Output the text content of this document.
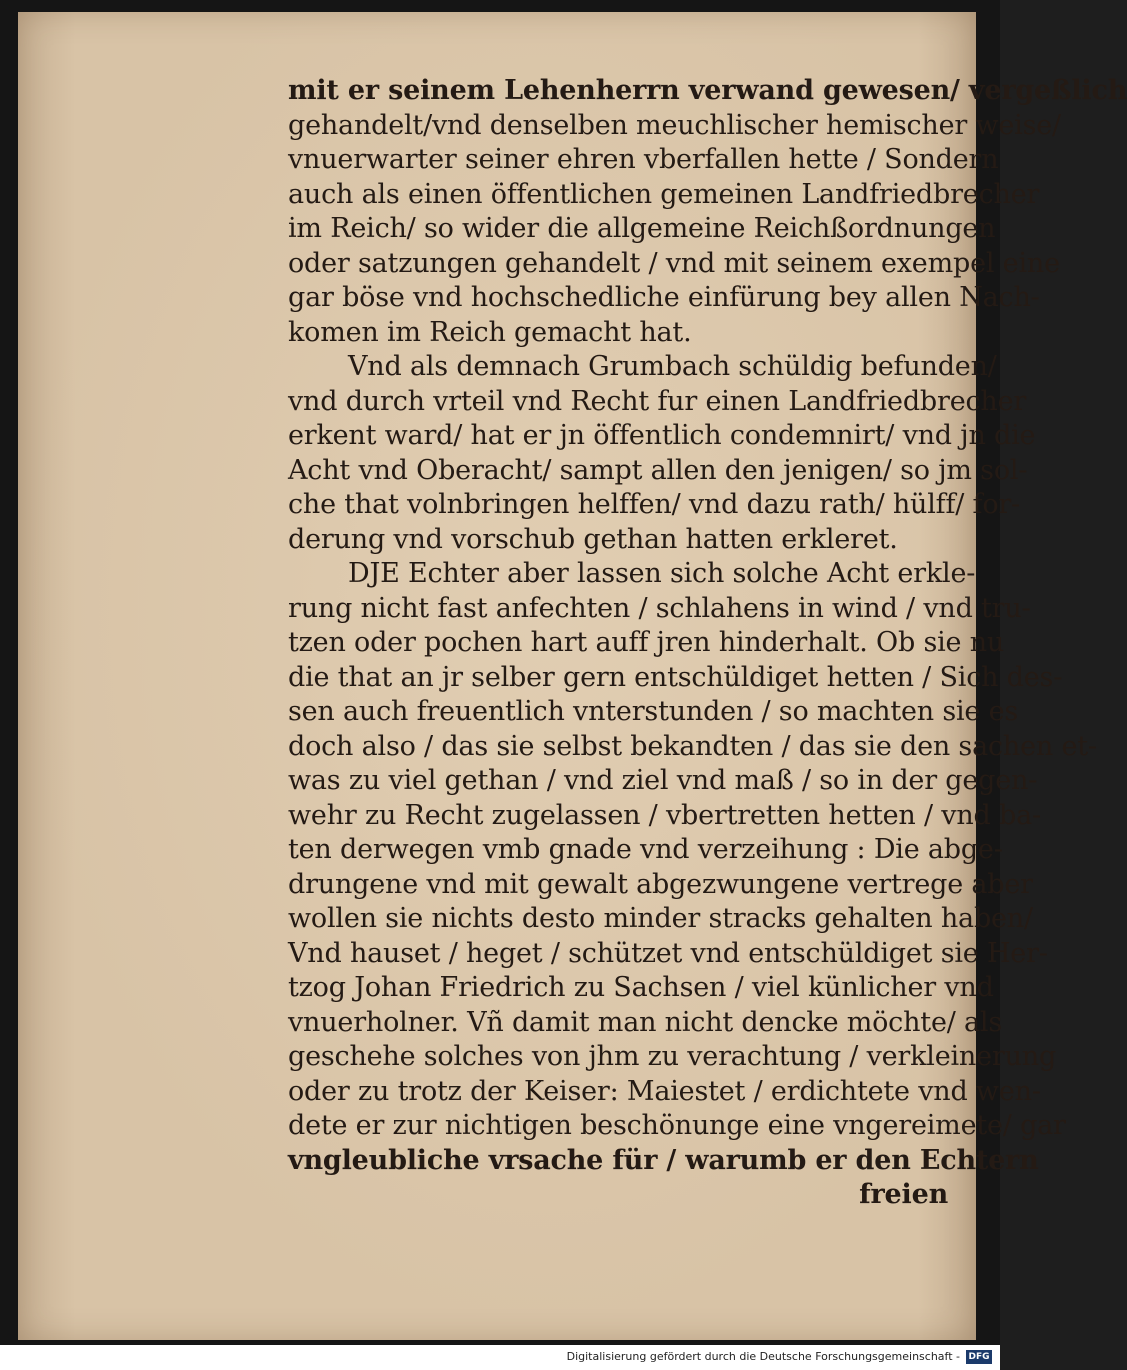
mit er seinem Lehenherrn verwand gewesen/ vergeßlich
gehandelt/vnd denselben meuchlischer hemischer weise/
vnuerwarter seiner ehren vberfallen hette / Sondern
auch als einen öffentlichen gemeinen Landfriedbrecher
im Reich/ so wider die allgemeine Reichßordnungen
oder satzungen gehandelt / vnd mit seinem exempel eine
gar böse vnd hochschedliche einfürung bey allen Nach-
komen im Reich gemacht hat.
Vnd als demnach Grumbach schüldig befunden/
vnd durch vrteil vnd Recht fur einen Landfriedbrecher
erkent ward/ hat er jn öffentlich condemnirt/ vnd jn die
Acht vnd Oberacht/ sampt allen den jenigen/ so jm sol-
che that volnbringen helffen/ vnd dazu rath/ hülff/ for-
derung vnd vorschub gethan hatten erkleret.
DJE Echter aber lassen sich solche Acht erkle-
rung nicht fast anfechten / schlahens in wind / vnd tru-
tzen oder pochen hart auff jren hinderhalt. Ob sie nu
die that an jr selber gern entschüldiget hetten / Sich des-
sen auch freuentlich vnterstunden / so machten sie es
doch also / das sie selbst bekandten / das sie den sachen et-
was zu viel gethan / vnd ziel vnd maß / so in der gegen-
wehr zu Recht zugelassen / vbertretten hetten / vnd ba-
ten derwegen vmb gnade vnd verzeihung : Die abge-
drungene vnd mit gewalt abgezwungene vertrege aber
wollen sie nichts desto minder stracks gehalten haben/
Vnd hauset / heget / schützet vnd entschüldiget sie Her-
tzog Johan Friedrich zu Sachsen / viel künlicher vnd
vnuerholner. Vñ damit man nicht dencke möchte/ als
geschehe solches von jhm zu verachtung / verkleinerung
oder zu trotz der Keiser: Maiestet / erdichtete vnd wen-
dete er zur nichtigen beschönunge eine vngereimete/ gar
vngleubliche vrsache für / warumb er den Echtern
freien
Digitalisierung gefördert durch die Deutsche Forschungsgemeinschaft - DFG
